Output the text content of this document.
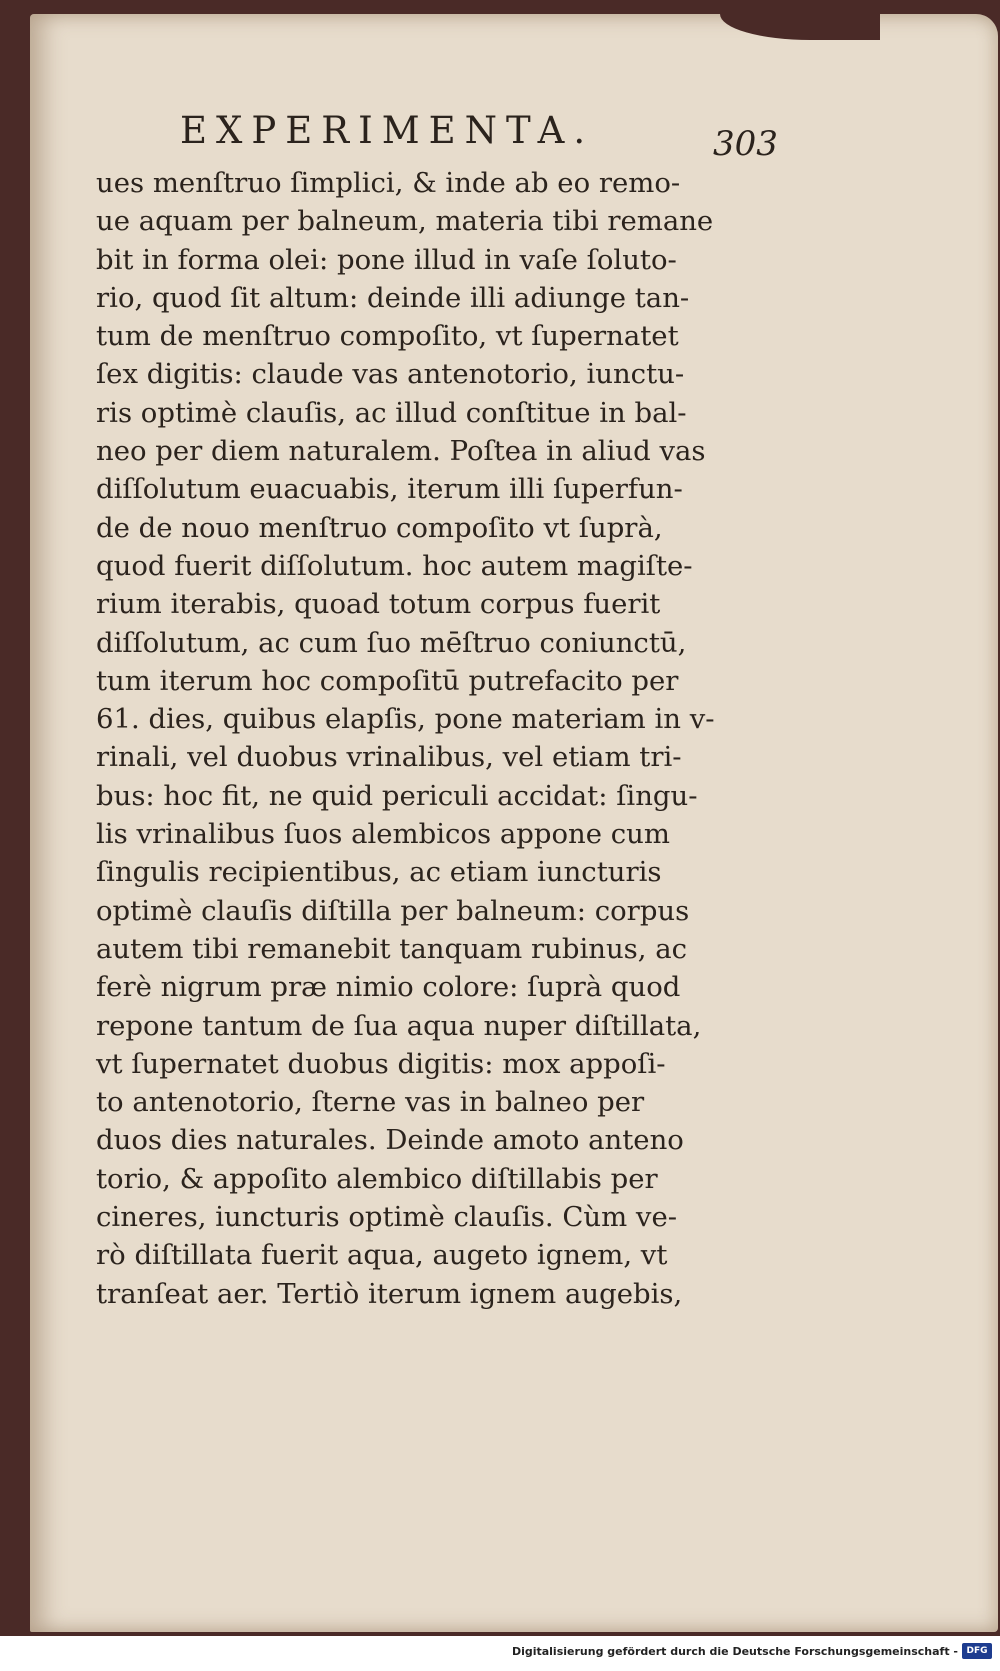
EXPERIMENTA.	303
ues menſtruo ſimplici, & inde ab eo remo-
ue aquam per balneum, materia tibi remane
bit in forma olei: pone illud in vaſe ſoluto-
rio, quod ſit altum: deinde illi adiunge tan-
tum de menſtruo compoſito, vt ſupernatet
ſex digitis: claude vas antenotorio, iunctu-
ris optimè clauſis, ac illud conſtitue in bal-
neo per diem naturalem. Poſtea in aliud vas
diſſolutum euacuabis, iterum illi ſuperfun-
de de nouo menſtruo compoſito vt ſuprà,
quod fuerit diſſolutum. hoc autem magiſte-
rium iterabis, quoad totum corpus fuerit
diſſolutum, ac cum ſuo mēſtruo coniunctū,
tum iterum hoc compoſitū putrefacito per
61. dies, quibus elapſis, pone materiam in v-
rinali, vel duobus vrinalibus, vel etiam tri-
bus: hoc fit, ne quid periculi accidat: ſingu-
lis vrinalibus ſuos alembicos appone cum
ſingulis recipientibus, ac etiam iuncturis
optimè clauſis diſtilla per balneum: corpus
autem tibi remanebit tanquam rubinus, ac
ferè nigrum præ nimio colore: ſuprà quod
repone tantum de ſua aqua nuper diſtillata,
vt ſupernatet duobus digitis: mox appoſi-
to antenotorio, ſterne vas in balneo per
duos dies naturales. Deinde amoto anteno
torio, & appoſito alembico diſtillabis per
cineres, iuncturis optimè clauſis. Cùm ve-
rò diſtillata fuerit aqua, augeto ignem, vt
tranſeat aer. Tertiò iterum ignem augebis,
Digitalisierung gefördert durch die Deutsche Forschungsgemeinschaft - DFG
